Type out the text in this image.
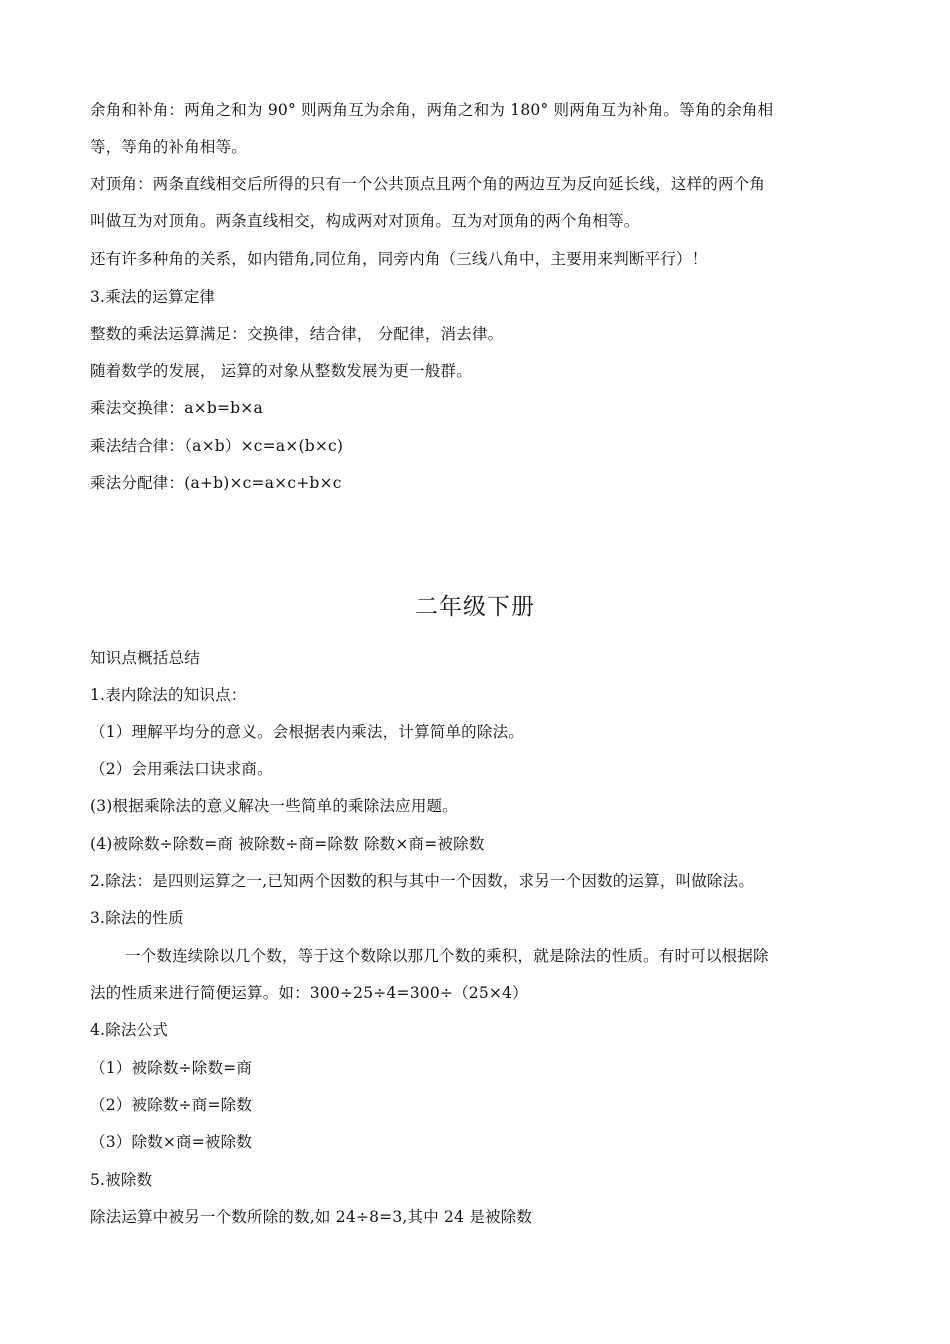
余角和补角：两角之和为 90° 则两角互为余角，两角之和为 180° 则两角互为补角。等角的余角相
等，等角的补角相等。
对顶角：两条直线相交后所得的只有一个公共顶点且两个角的两边互为反向延长线，这样的两个角
叫做互为对顶角。两条直线相交，构成两对对顶角。互为对顶角的两个角相等。
还有许多种角的关系，如内错角,同位角，同旁内角（三线八角中，主要用来判断平行）！
3.乘法的运算定律
整数的乘法运算满足：交换律，结合律， 分配律，消去律。
随着数学的发展， 运算的对象从整数发展为更一般群。
乘法交换律：a×b=b×a
乘法结合律：（a×b）×c=a×(b×c)
乘法分配律：(a+b)×c=a×c+b×c
二年级下册
知识点概括总结
1.表内除法的知识点：
（1）理解平均分的意义。会根据表内乘法，计算简单的除法。
（2）会用乘法口诀求商。
(3)根据乘除法的意义解决一些简单的乘除法应用题。
(4)被除数÷除数=商 被除数÷商=除数 除数×商=被除数
2.除法：是四则运算之一,已知两个因数的积与其中一个因数，求另一个因数的运算，叫做除法。
3.除法的性质
一个数连续除以几个数，等于这个数除以那几个数的乘积，就是除法的性质。有时可以根据除
法的性质来进行简便运算。如：300÷25÷4=300÷（25×4）
4.除法公式
（1）被除数÷除数=商
（2）被除数÷商=除数
（3）除数×商=被除数
5.被除数
除法运算中被另一个数所除的数,如 24÷8=3,其中 24 是被除数
